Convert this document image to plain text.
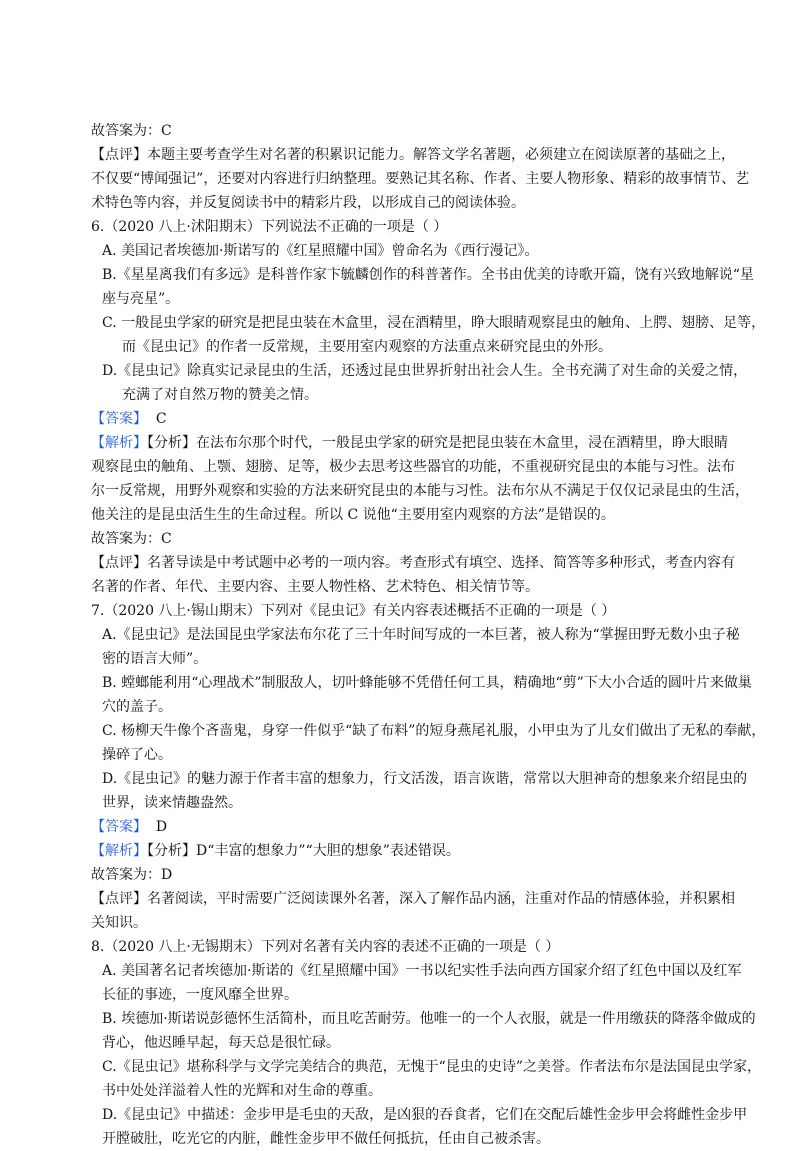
故答案为：C
【点评】本题主要考查学生对名著的积累识记能力。解答文学名著题，必须建立在阅读原著的基础之上，
不仅要“博闻强记”，还要对内容进行归纳整理。要熟记其名称、作者、主要人物形象、精彩的故事情节、艺
术特色等内容，并反复阅读书中的精彩片段，以形成自己的阅读体验。
6.（2020 八上·沭阳期末）下列说法不正确的一项是（ ）
A. 美国记者埃德加·斯诺写的《红星照耀中国》曾命名为《西行漫记》。
B.《星星离我们有多远》是科普作家卞毓麟创作的科普著作。全书由优美的诗歌开篇，饶有兴致地解说“星
座与亮星”。
C. 一般昆虫学家的研究是把昆虫装在木盒里，浸在酒精里，睁大眼睛观察昆虫的触角、上腭、翅膀、足等，
而《昆虫记》的作者一反常规，主要用室内观察的方法重点来研究昆虫的外形。
D.《昆虫记》除真实记录昆虫的生活，还透过昆虫世界折射出社会人生。全书充满了对生命的关爱之情，
充满了对自然万物的赞美之情。
【答案】 C
【解析】【分析】在法布尔那个时代，一般昆虫学家的研究是把昆虫装在木盒里，浸在酒精里，睁大眼睛
观察昆虫的触角、上颚、翅膀、足等，极少去思考这些器官的功能，不重视研究昆虫的本能与习性。法布
尔一反常规，用野外观察和实验的方法来研究昆虫的本能与习性。法布尔从不满足于仅仅记录昆虫的生活，
他关注的是昆虫活生生的生命过程。所以 C 说他“主要用室内观察的方法”是错误的。
故答案为：C
【点评】名著导读是中考试题中必考的一项内容。考查形式有填空、选择、简答等多种形式，考查内容有
名著的作者、年代、主要内容、主要人物性格、艺术特色、相关情节等。
7.（2020 八上·锡山期末）下列对《昆虫记》有关内容表述概括不正确的一项是（ ）
A.《昆虫记》是法国昆虫学家法布尔花了三十年时间写成的一本巨著，被人称为“掌握田野无数小虫子秘
密的语言大师”。
B. 螳螂能利用“心理战术”制服敌人，切叶蜂能够不凭借任何工具，精确地“剪”下大小合适的圆叶片来做巢
穴的盖子。
C. 杨柳天牛像个吝啬鬼，身穿一件似乎“缺了布料”的短身燕尾礼服，小甲虫为了儿女们做出了无私的奉献，
操碎了心。
D.《昆虫记》的魅力源于作者丰富的想象力，行文活泼，语言诙谐，常常以大胆神奇的想象来介绍昆虫的
世界，读来情趣盎然。
【答案】 D
【解析】【分析】D“丰富的想象力”“大胆的想象”表述错误。
故答案为：D
【点评】名著阅读，平时需要广泛阅读课外名著，深入了解作品内涵，注重对作品的情感体验，并积累相
关知识。
8.（2020 八上·无锡期末）下列对名著有关内容的表述不正确的一项是（ ）
A. 美国著名记者埃德加·斯诺的《红星照耀中国》一书以纪实性手法向西方国家介绍了红色中国以及红军
长征的事迹，一度风靡全世界。
B. 埃德加·斯诺说彭德怀生活简朴，而且吃苦耐劳。他唯一的一个人衣服，就是一件用缴获的降落伞做成的
背心，他迟睡早起，每天总是很忙碌。
C.《昆虫记》堪称科学与文学完美结合的典范，无愧于“昆虫的史诗”之美誉。作者法布尔是法国昆虫学家，
书中处处洋溢着人性的光辉和对生命的尊重。
D.《昆虫记》中描述：金步甲是毛虫的天敌，是凶狠的吞食者，它们在交配后雄性金步甲会将雌性金步甲
开膛破肚，吃光它的内脏，雌性金步甲不做任何抵抗，任由自己被杀害。
